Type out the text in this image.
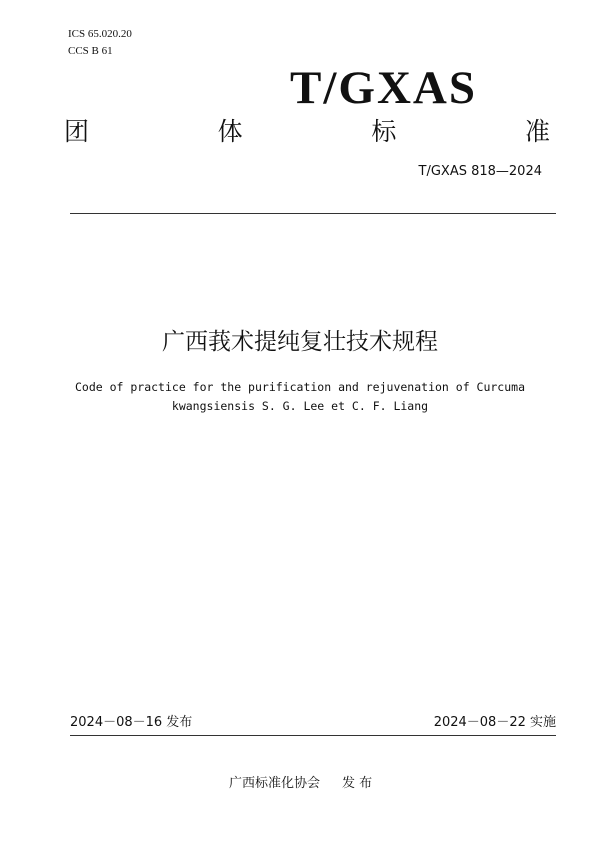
ICS 65.020.20
CCS B 61
T/GXAS
团	体	标	准
T/GXAS 818—2024
广西莪术提纯复壮技术规程
Code of practice for the purification and rejuvenation of Curcuma
kwangsiensis S. G. Lee et C. F. Liang
2024－08－16 发布	2024－08－22 实施
广西标准化协会 发 布
